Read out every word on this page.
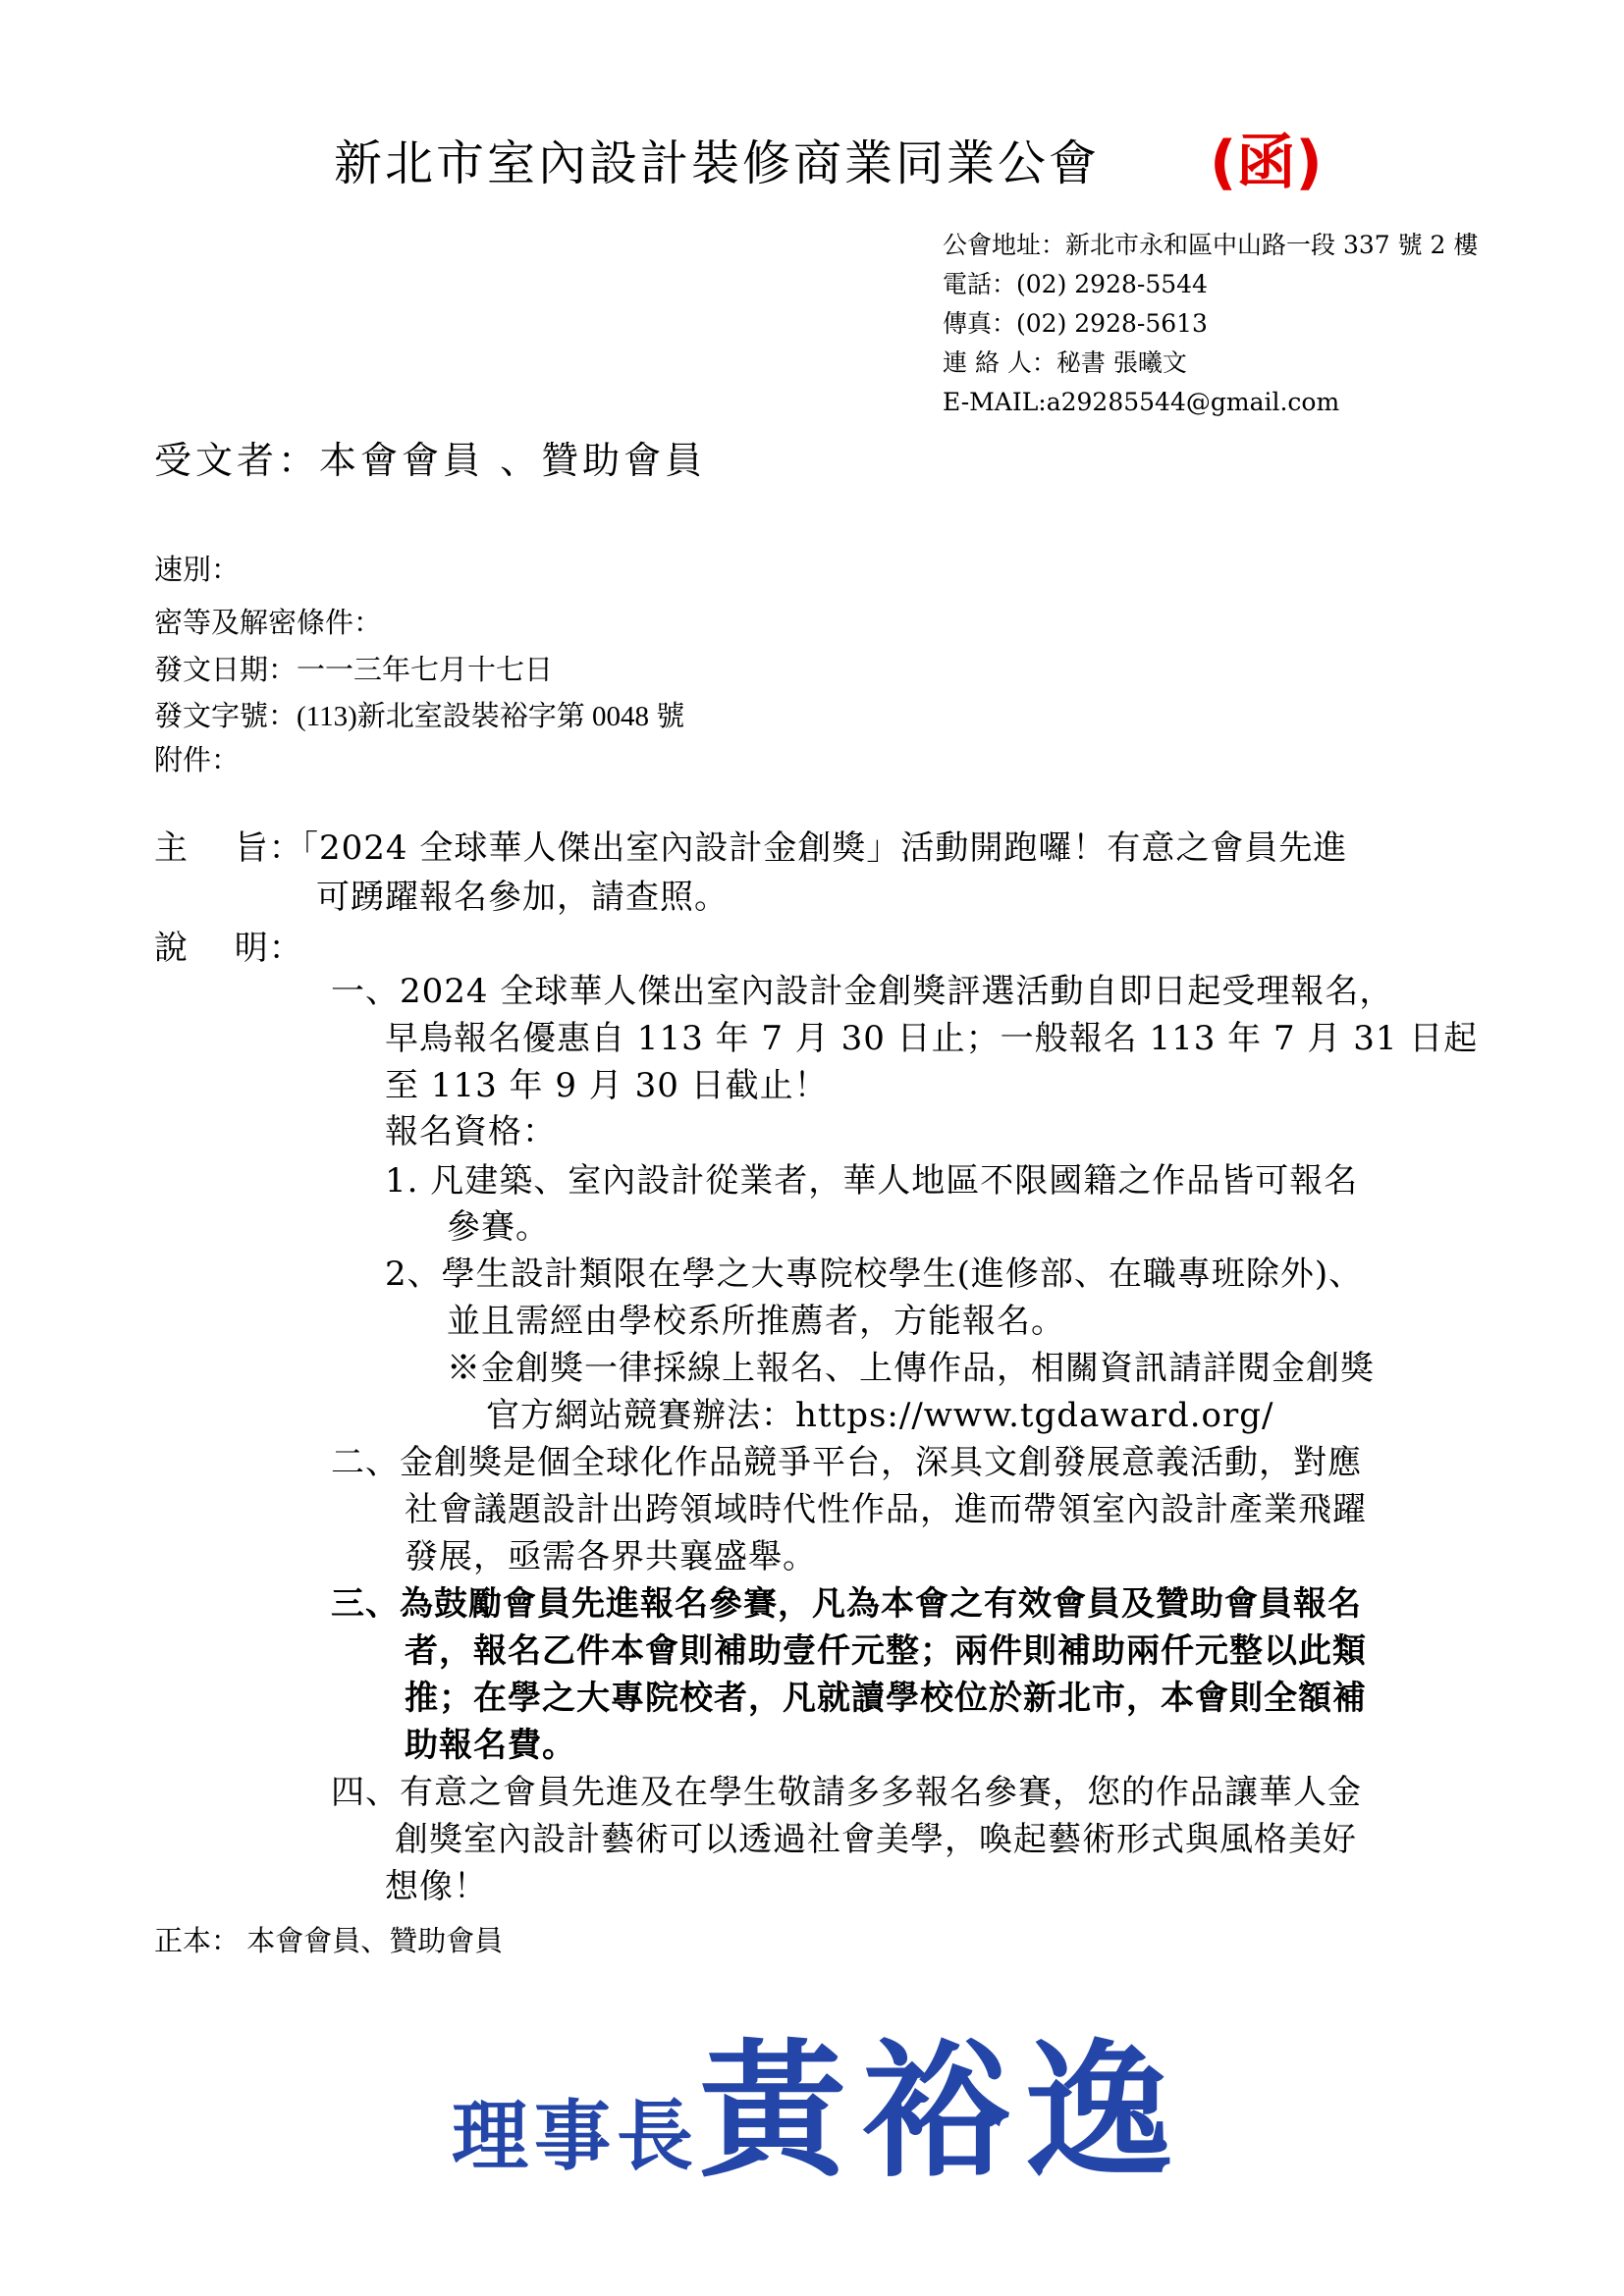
新北市室內設計裝修商業同業公會 (函)
公會地址：新北市永和區中山路一段 337 號 2 樓
電話：(02) 2928-5544
傳真：(02) 2928-5613
連 絡 人：秘書 張曦文
E-MAIL:a29285544@gmail.com
受文者：本會會員 、贊助會員
速別：
密等及解密條件：
發文日期：一一三年七月十七日
發文字號：(113)新北室設裝裕字第 0048 號
附件：
主　 旨：
「2024 全球華人傑出室內設計金創獎」活動開跑囉！有意之會員先進
可踴躍報名參加，請查照。
說　 明：
一、2024 全球華人傑出室內設計金創獎評選活動自即日起受理報名，
早鳥報名優惠自 113 年 7 月 30 日止；一般報名 113 年 7 月 31 日起
至 113 年 9 月 30 日截止！
報名資格：
1. 凡建築、室內設計從業者，華人地區不限國籍之作品皆可報名
參賽。
2、學生設計類限在學之大專院校學生(進修部、在職專班除外)、
並且需經由學校系所推薦者，方能報名。
※金創獎一律採線上報名、上傳作品，相關資訊請詳閱金創獎
官方網站競賽辦法：https://www.tgdaward.org/
二、金創獎是個全球化作品競爭平台，深具文創發展意義活動，對應
社會議題設計出跨領域時代性作品，進而帶領室內設計產業飛躍
發展，亟需各界共襄盛舉。
三、為鼓勵會員先進報名參賽，凡為本會之有效會員及贊助會員報名
者，報名乙件本會則補助壹仟元整；兩件則補助兩仟元整以此類
推；在學之大專院校者，凡就讀學校位於新北市，本會則全額補
助報名費。
四、有意之會員先進及在學生敬請多多報名參賽，您的作品讓華人金
創獎室內設計藝術可以透過社會美學，喚起藝術形式與風格美好
想像！
正本： 本會會員、贊助會員
理事長黃裕逸
